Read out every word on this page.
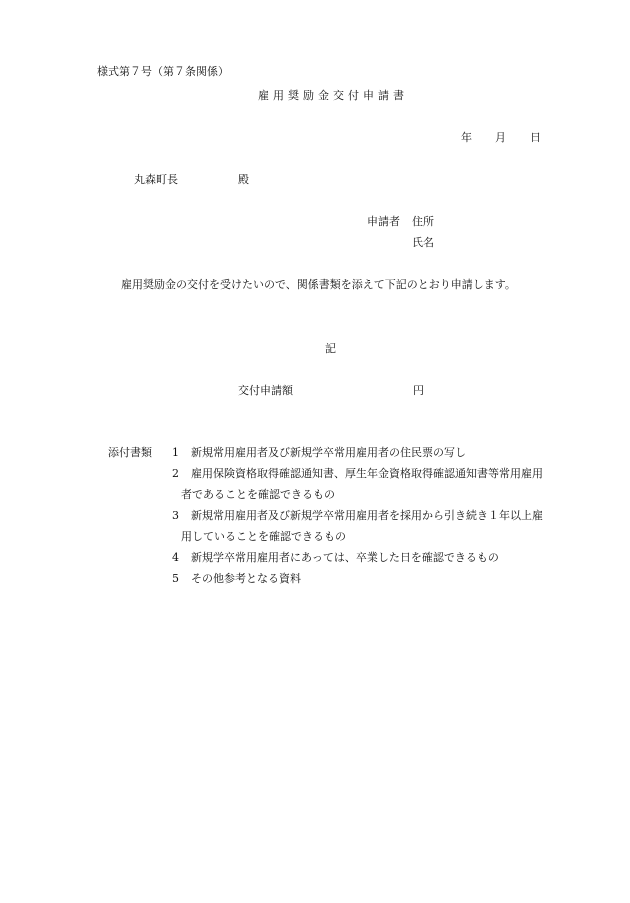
様式第７号（第７条関係）
雇用奨励金交付申請書
年 月 日
丸森町長	殿
申請者 住所
氏名
雇用奨励金の交付を受けたいので、関係書類を添えて下記のとおり申請します。
記
交付申請額	円
添付書類 1 新規常用雇用者及び新規学卒常用雇用者の住民票の写し
2 雇用保険資格取得確認通知書、厚生年金資格取得確認通知書等常用雇用
者であることを確認できるもの
3 新規常用雇用者及び新規学卒常用雇用者を採用から引き続き１年以上雇
用していることを確認できるもの
4 新規学卒常用雇用者にあっては、卒業した日を確認できるもの
5 その他参考となる資料
